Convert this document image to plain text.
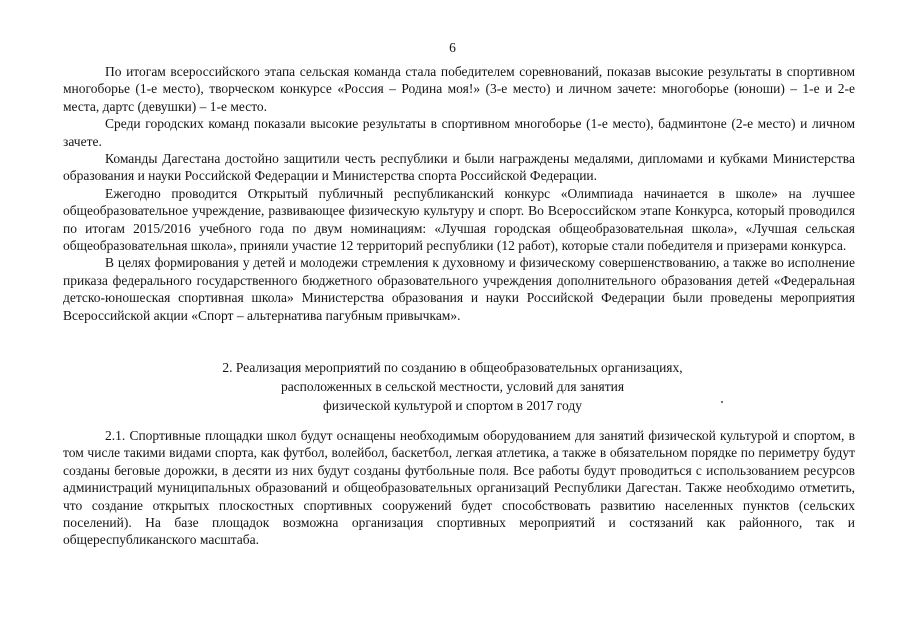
6

По итогам всероссийского этапа сельская команда стала победителем соревнований, показав высокие результаты в спортивном многоборье (1-е место), творческом конкурсе «Россия – Родина моя!» (3-е место) и личном зачете: многоборье (юноши) – 1-е и 2-е места, дартс (девушки) – 1-е место.

Среди городских команд показали высокие результаты в спортивном многоборье (1-е место), бадминтоне (2-е место) и личном зачете.

Команды Дагестана достойно защитили честь республики и были награждены медалями, дипломами и кубками Министерства образования и науки Российской Федерации и Министерства спорта Российской Федерации.

Ежегодно проводится Открытый публичный республиканский конкурс «Олимпиада начинается в школе» на лучшее общеобразовательное учреждение, развивающее физическую культуру и спорт. Во Всероссийском этапе Конкурса, который проводился по итогам 2015/2016 учебного года по двум номинациям: «Лучшая городская общеобразовательная школа», «Лучшая сельская общеобразовательная школа», приняли участие 12 территорий республики (12 работ), которые стали победителя и призерами конкурса.

В целях формирования у детей и молодежи стремления к духовному и физическому совершенствованию, а также во исполнение приказа федерального государственного бюджетного образовательного учреждения дополнительного образования детей «Федеральная детско-юношеская спортивная школа» Министерства образования и науки Российской Федерации были проведены мероприятия Всероссийской акции «Спорт – альтернатива пагубным привычкам».

2. Реализация мероприятий по созданию в общеобразовательных организациях,
расположенных в сельской местности, условий для занятия
физической культурой и спортом в 2017 году

2.1. Спортивные площадки школ будут оснащены необходимым оборудованием для занятий физической культурой и спортом, в том числе такими видами спорта, как футбол, волейбол, баскетбол, легкая атлетика, а также в обязательном порядке по периметру будут созданы беговые дорожки, в десяти из них будут созданы футбольные поля. Все работы будут проводиться с использованием ресурсов администраций муниципальных образований и общеобразовательных организаций Республики Дагестан. Также необходимо отметить, что создание открытых плоскостных спортивных сооружений будет способствовать развитию населенных пунктов (сельских поселений). На базе площадок возможна организация спортивных мероприятий и состязаний как районного, так и общереспубликанского масштаба.
